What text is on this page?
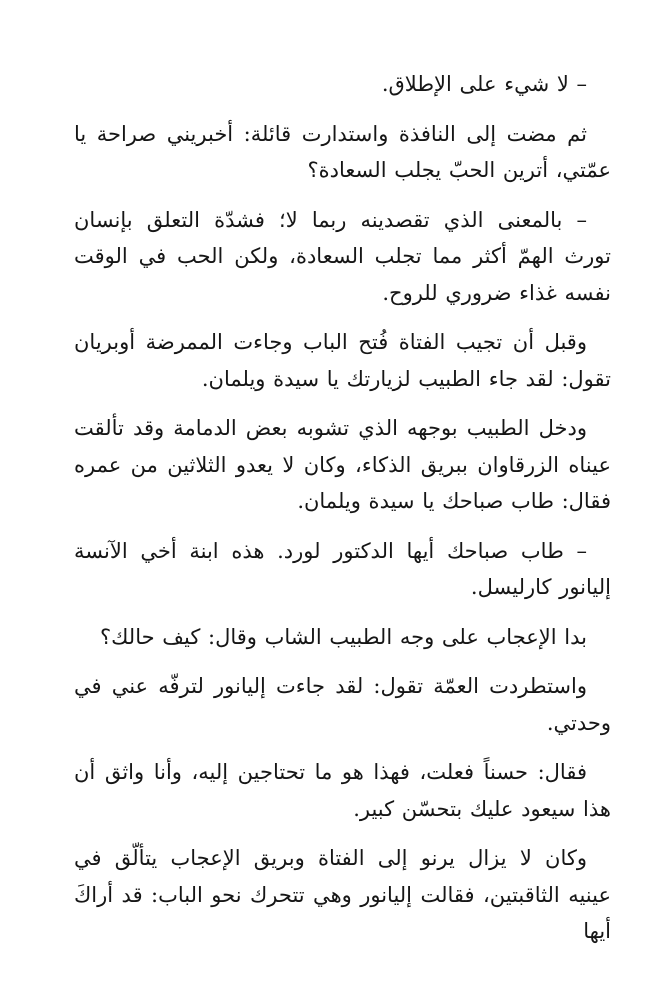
– لا شيء على الإطلاق.

ثم مضت إلى النافذة واستدارت قائلة: أخبريني صراحة يا عمّتي، أترين الحبّ يجلب السعادة؟

– بالمعنى الذي تقصدينه ربما لا؛ فشدّة التعلق بإنسان تورث الهمّ أكثر مما تجلب السعادة، ولكن الحب في الوقت نفسه غذاء ضروري للروح.

وقبل أن تجيب الفتاة فُتح الباب وجاءت الممرضة أوبريان تقول: لقد جاء الطبيب لزيارتك يا سيدة ويلمان.

ودخل الطبيب بوجهه الذي تشوبه بعض الدمامة وقد تألقت عيناه الزرقاوان ببريق الذكاء، وكان لا يعدو الثلاثين من عمره فقال: طاب صباحك يا سيدة ويلمان.

– طاب صباحك أيها الدكتور لورد. هذه ابنة أخي الآنسة إليانور كارليسل.

بدا الإعجاب على وجه الطبيب الشاب وقال: كيف حالك؟

واستطردت العمّة تقول: لقد جاءت إليانور لترفّه عني في وحدتي.

فقال: حسناً فعلت، فهذا هو ما تحتاجين إليه، وأنا واثق أن هذا سيعود عليك بتحسّن كبير.

وكان لا يزال يرنو إلى الفتاة وبريق الإعجاب يتألّق في عينيه الثاقبتين، فقالت إليانور وهي تتحرك نحو الباب: قد أراكَ أيها
